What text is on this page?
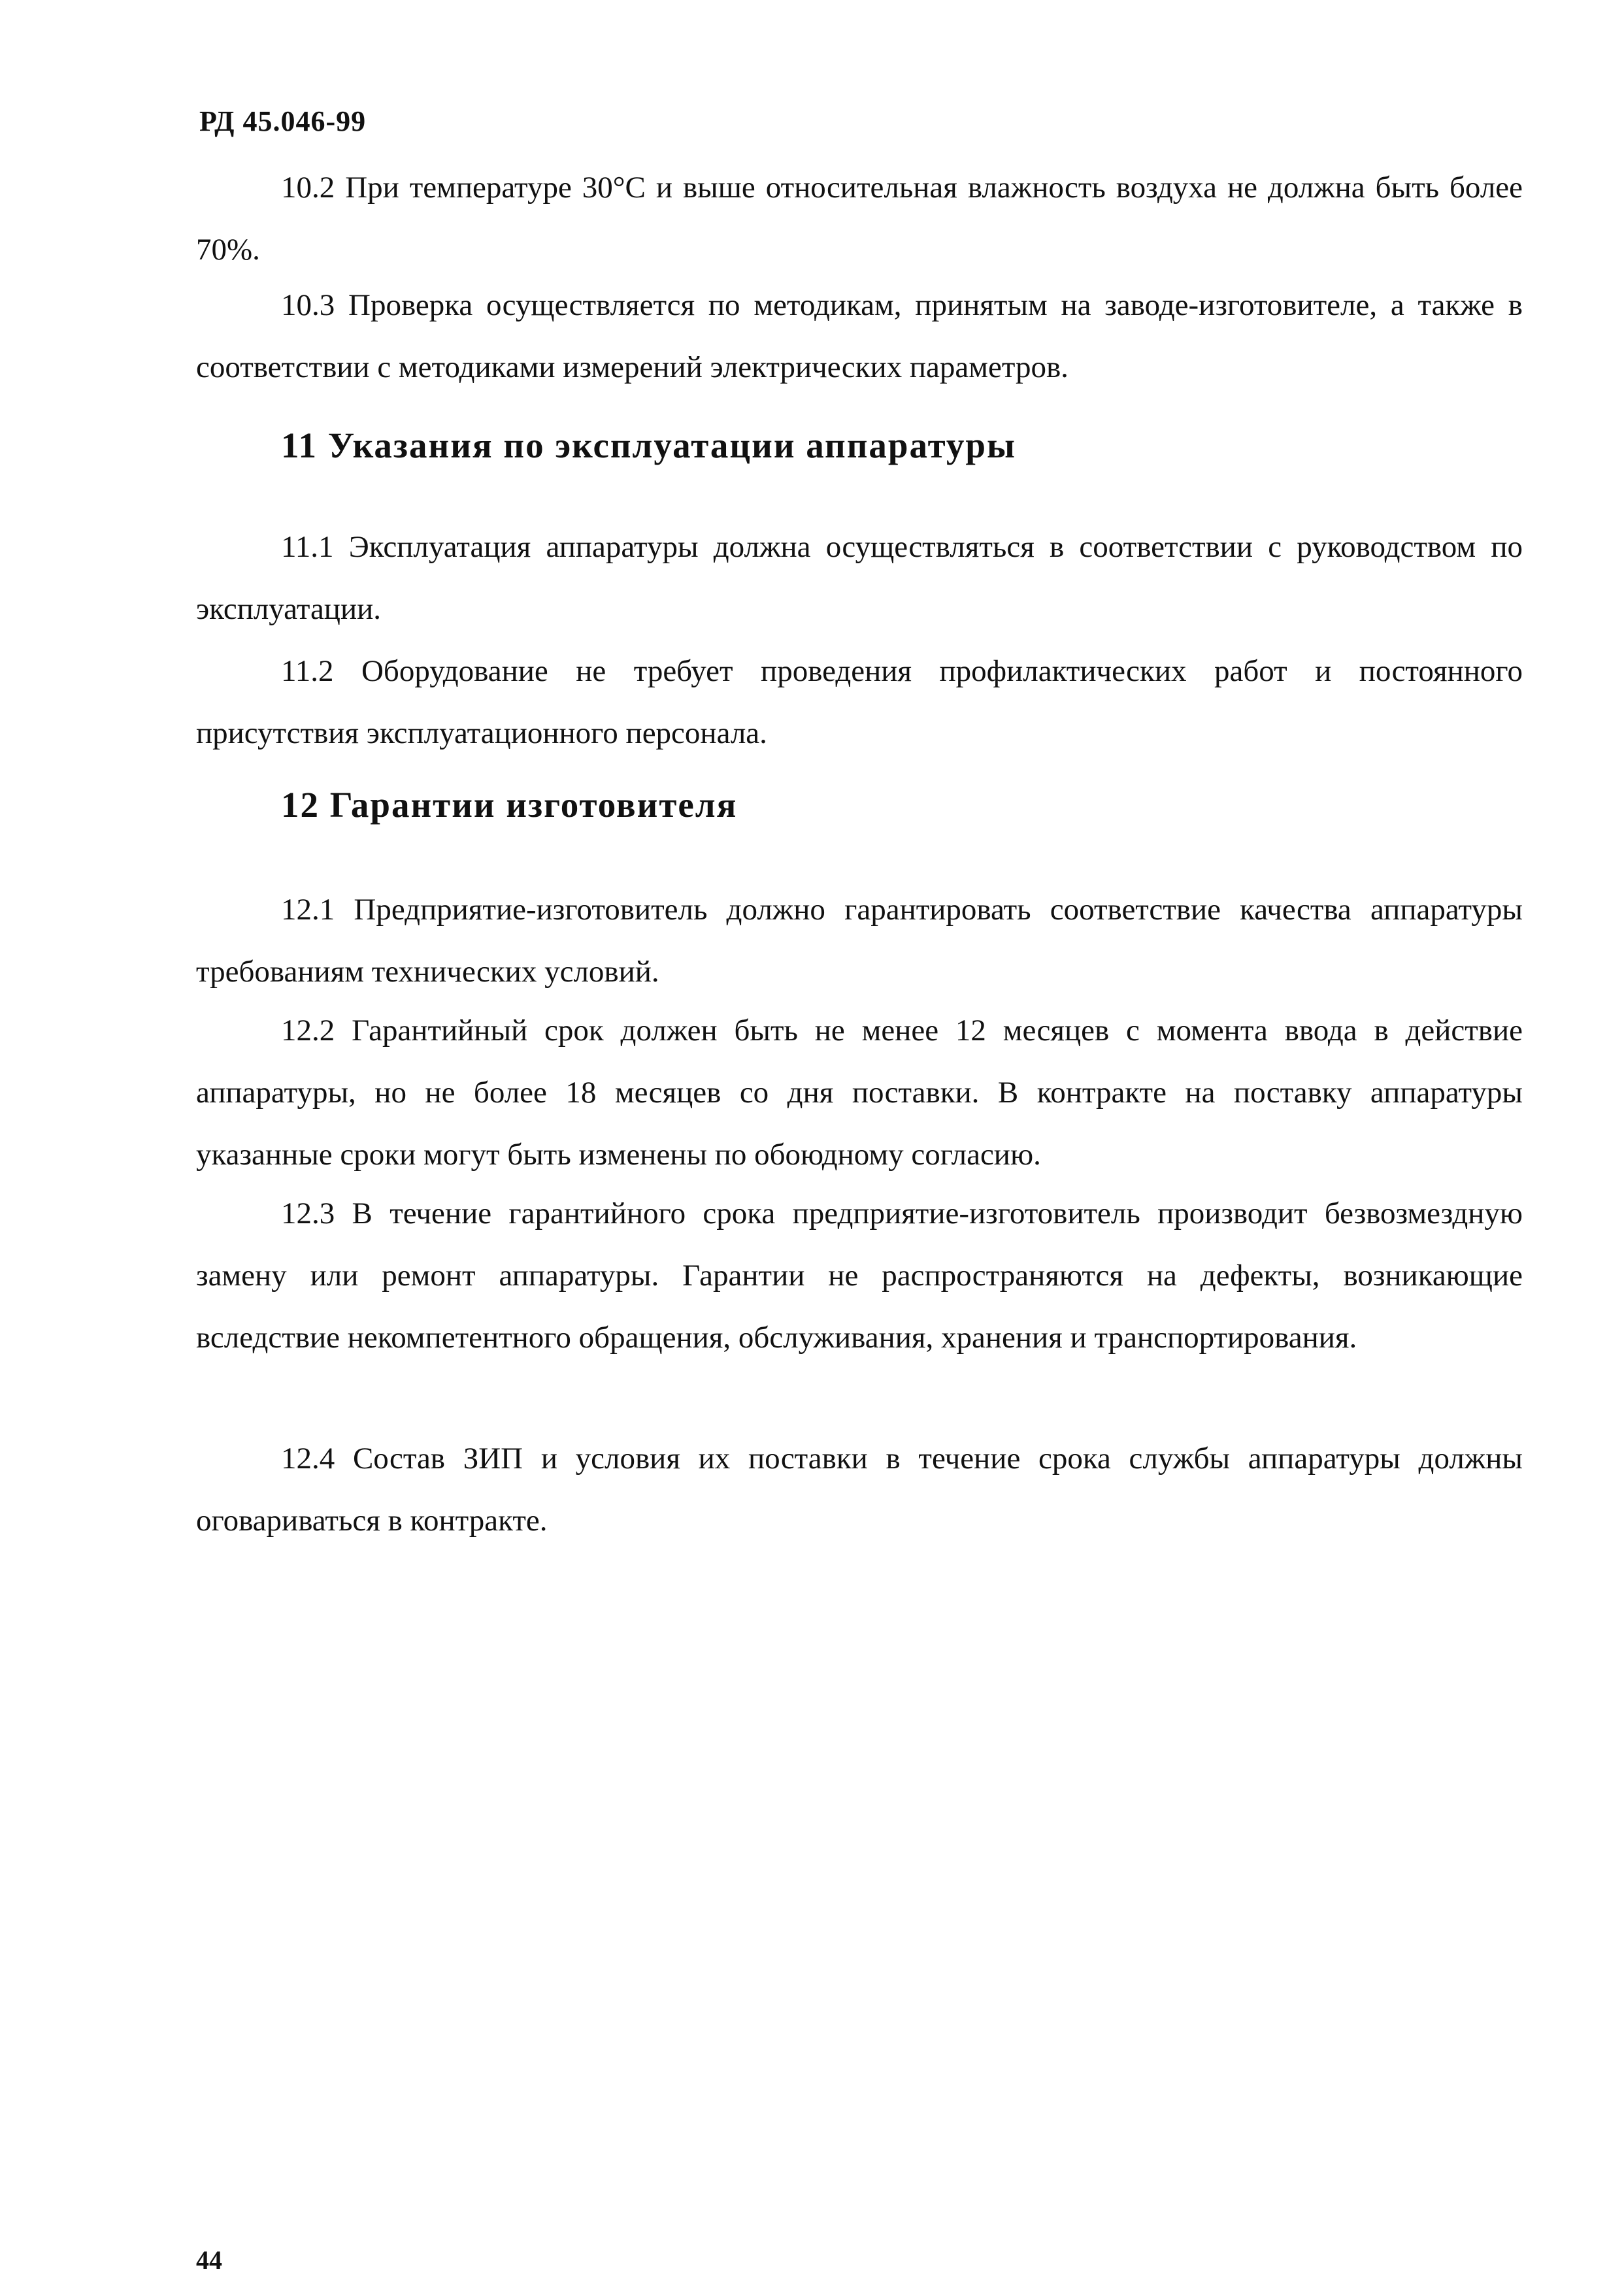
РД 45.046-99

10.2 При температуре 30°С и выше относительная влажность воздуха не должна быть более 70%.

10.3 Проверка осуществляется по методикам, принятым на заводе-изготовителе, а также в соответствии с методиками измерений электрических параметров.

11 Указания по эксплуатации аппаратуры

11.1 Эксплуатация аппаратуры должна осуществляться в соответствии с руководством по эксплуатации.

11.2 Оборудование не требует проведения профилактических работ и постоянного присутствия эксплуатационного персонала.

12 Гарантии изготовителя

12.1 Предприятие-изготовитель должно гарантировать соответствие качества аппаратуры требованиям технических условий.

12.2 Гарантийный срок должен быть не менее 12 месяцев с момента ввода в действие аппаратуры, но не более 18 месяцев со дня поставки. В контракте на поставку аппаратуры указанные сроки могут быть изменены по обоюдному согласию.

12.3 В течение гарантийного срока предприятие-изготовитель производит безвозмездную замену или ремонт аппаратуры. Гарантии не распространяются на дефекты, возникающие вследствие некомпетентного обращения, обслуживания, хранения и транспортирования.

12.4 Состав ЗИП и условия их поставки в течение срока службы аппаратуры должны оговариваться в контракте.

44
